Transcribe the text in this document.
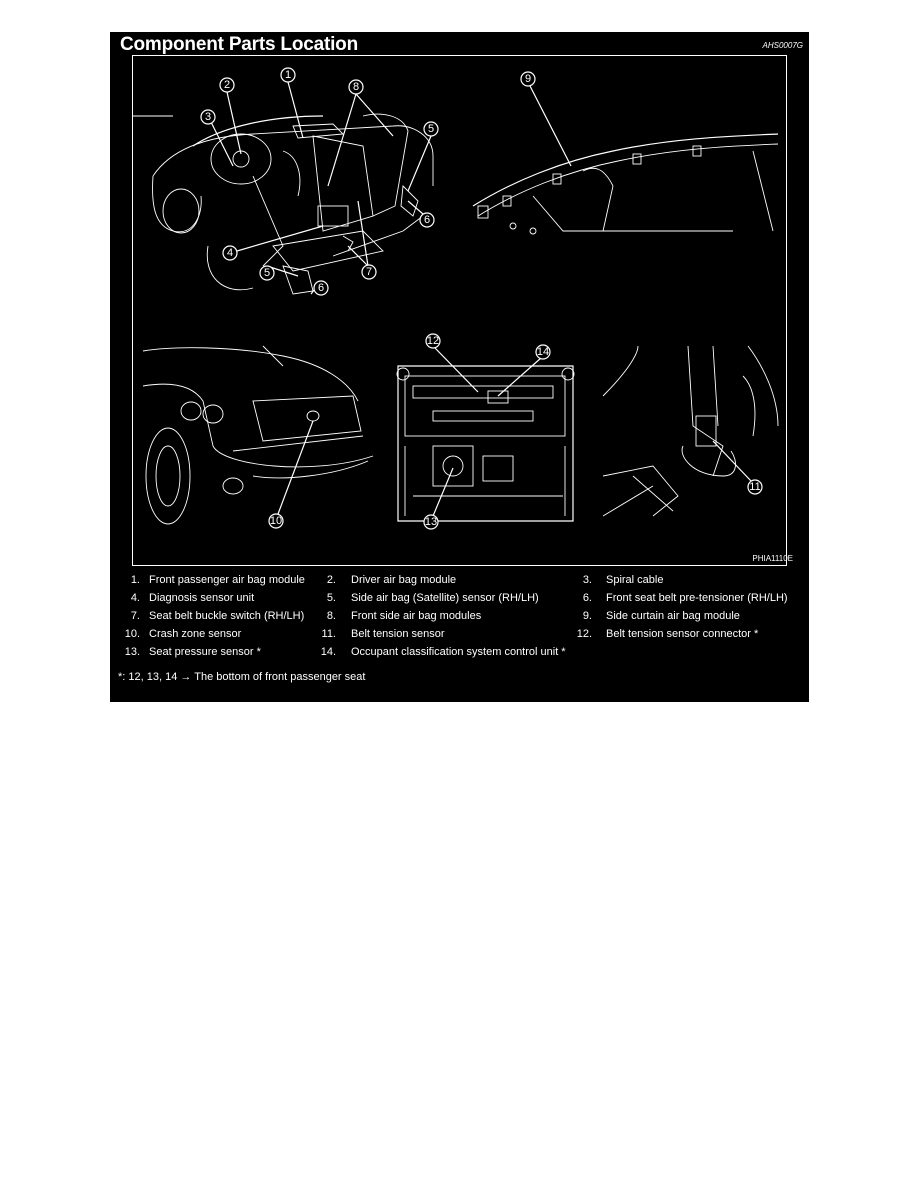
Component Parts Location	AHS0007G
1
2
3
8
5
6
4
5	7
6
9
10
12
14
13
11
PHIA1110E
1. Front passenger air bag module	2. Driver air bag module	3. Spiral cable
4. Diagnosis sensor unit	5. Side air bag (Satellite) sensor (RH/LH)	6. Front seat belt pre-tensioner (RH/LH)
7. Seat belt buckle switch (RH/LH)	8. Front side air bag modules	9. Side curtain air bag module
10. Crash zone sensor	11. Belt tension sensor	12. Belt tension sensor connector *
13. Seat pressure sensor *	14. Occupant classification system control unit *
*: 12, 13, 14 → The bottom of front passenger seat
